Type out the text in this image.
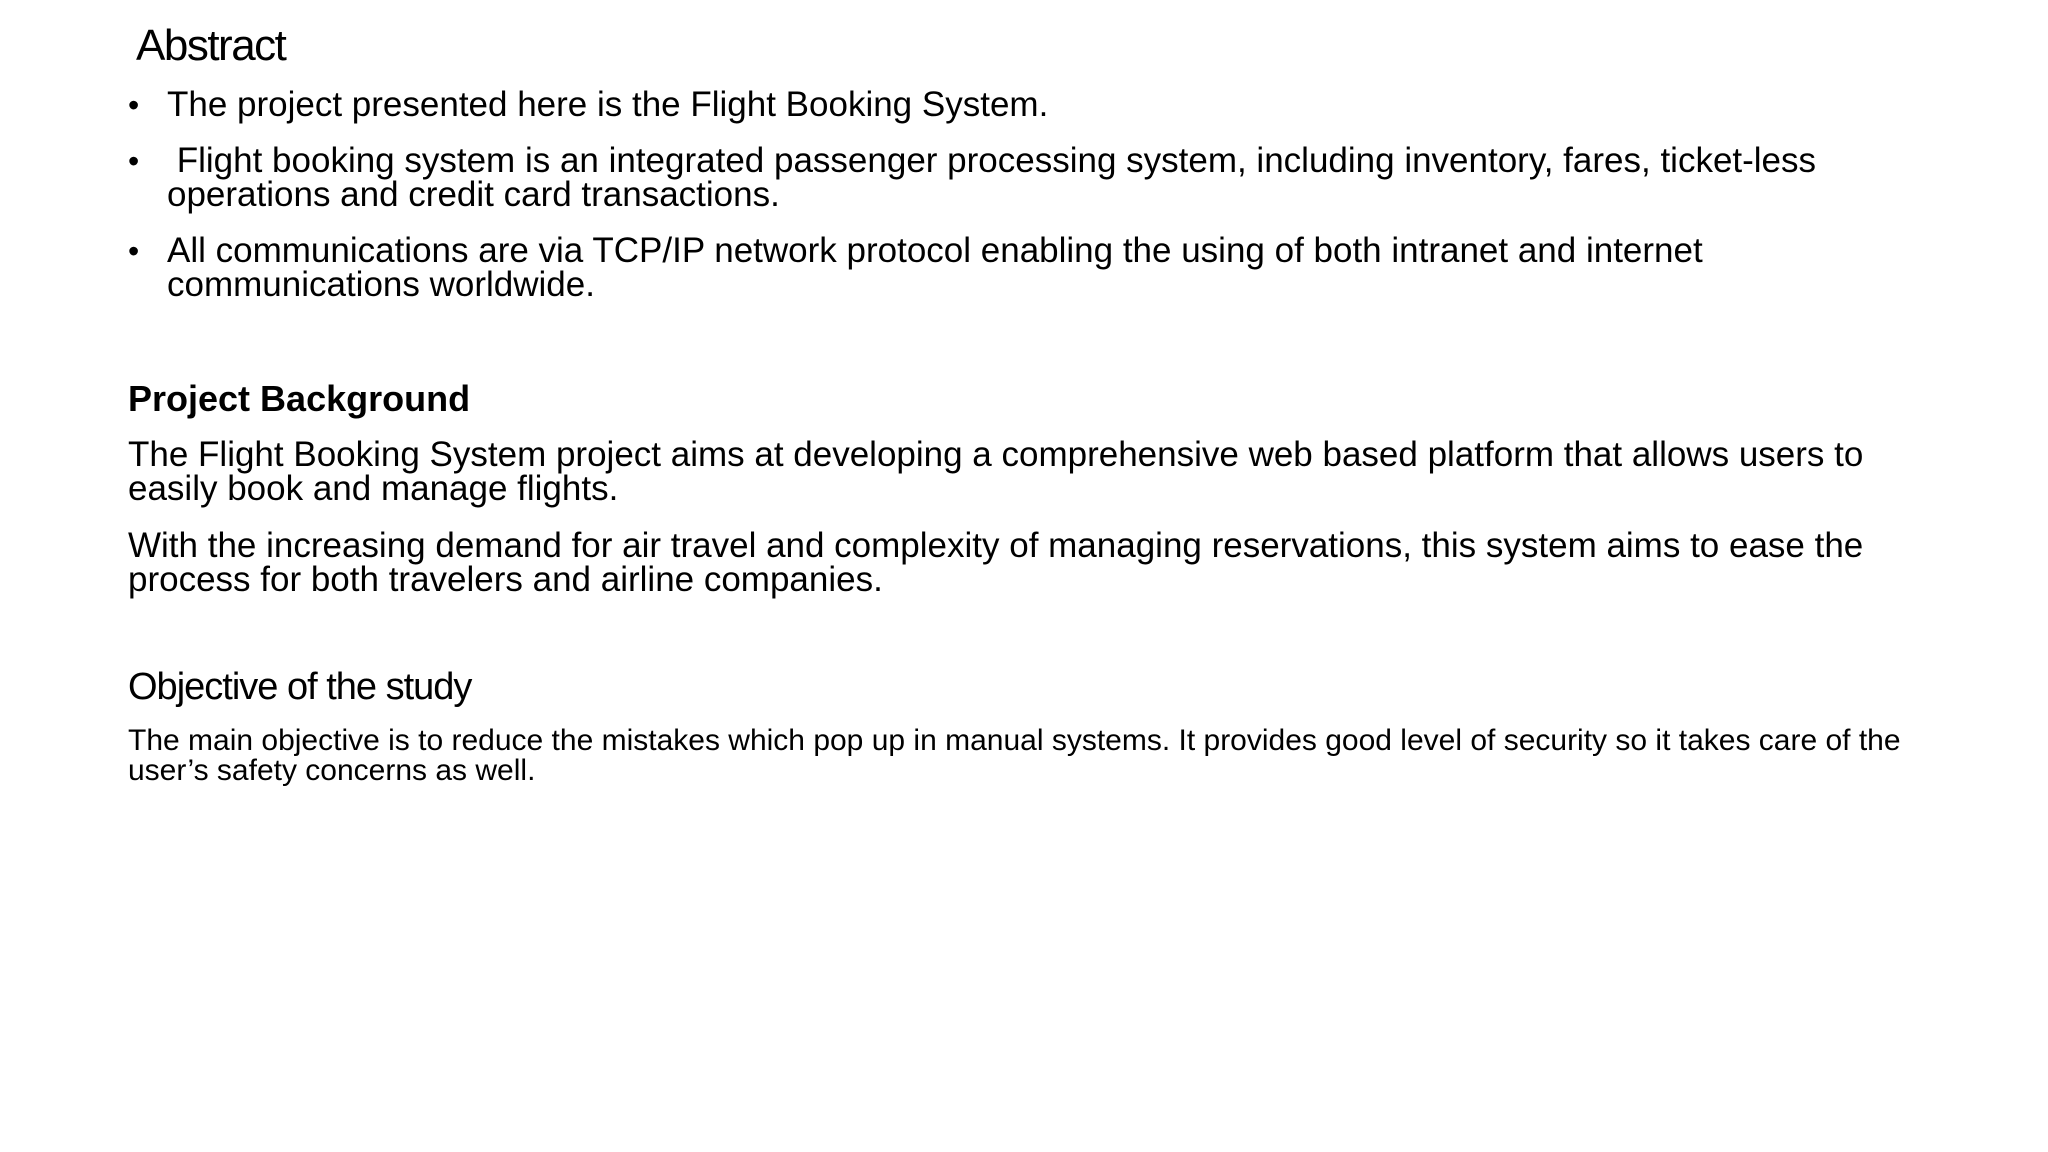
Abstract
• The project presented here is the Flight Booking System.
• Flight booking system is an integrated passenger processing system, including inventory, fares, ticket-less operations and credit card transactions.
• All communications are via TCP/IP network protocol enabling the using of both intranet and internet communications worldwide.
Project Background

The Flight Booking System project aims at developing a comprehensive web based platform that allows users to easily book and manage flights.

With the increasing demand for air travel and complexity of managing reservations, this system aims to ease the process for both travelers and airline companies.

Objective of the study

The main objective is to reduce the mistakes which pop up in manual systems. It provides good level of security so it takes care of the user’s safety concerns as well.
